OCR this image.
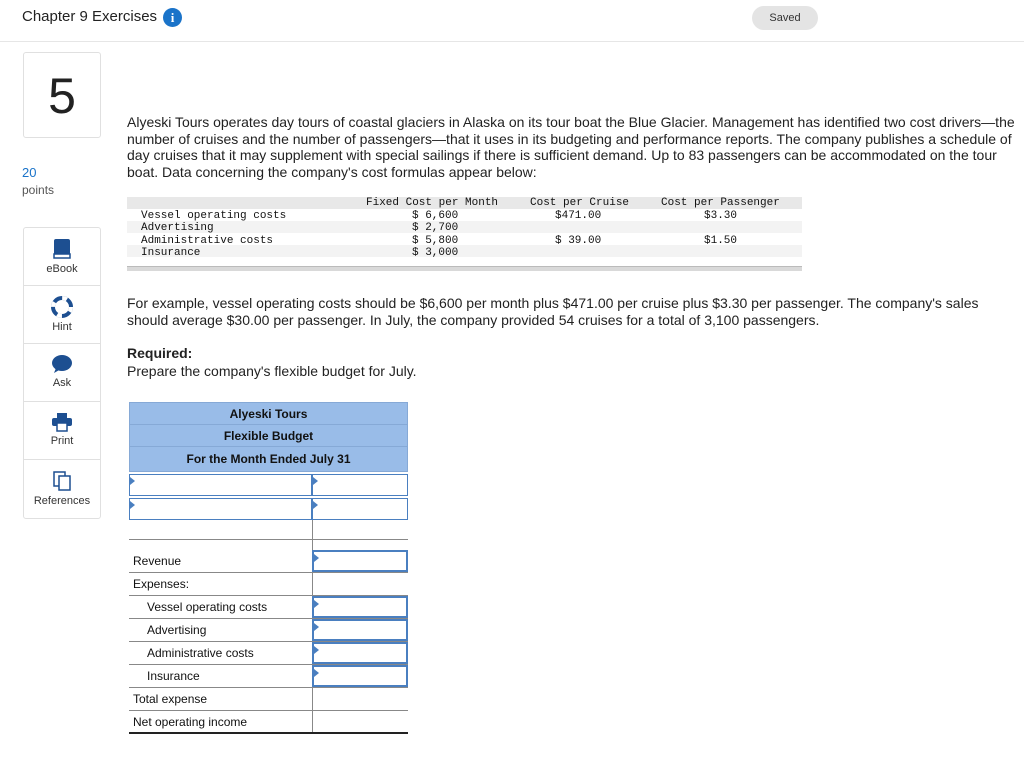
Chapter 9 Exercises	i	Saved
5
20
points
eBook
Hint
Ask
Print
References
Alyeski Tours operates day tours of coastal glaciers in Alaska on its tour boat the Blue Glacier. Management has identified two cost drivers—the number of cruises and the number of passengers—that it uses in its budgeting and performance reports. The company publishes a schedule of day cruises that it may supplement with special sailings if there is sufficient demand. Up to 83 passengers can be accommodated on the tour boat. Data concerning the company's cost formulas appear below:
Fixed Cost per Month	Cost per Cruise	Cost per Passenger
Vessel operating costs	$ 6,600	$471.00	$3.30
Advertising	$ 2,700
Administrative costs	$ 5,800	$ 39.00	$1.50
Insurance	$ 3,000
For example, vessel operating costs should be $6,600 per month plus $471.00 per cruise plus $3.30 per passenger. The company's sales should average $30.00 per passenger. In July, the company provided 54 cruises for a total of 3,100 passengers.
Required:
Prepare the company's flexible budget for July.
Alyeski Tours
Flexible Budget
For the Month Ended July 31
Revenue
Expenses:
Vessel operating costs
Advertising
Administrative costs
Insurance
Total expense
Net operating income
